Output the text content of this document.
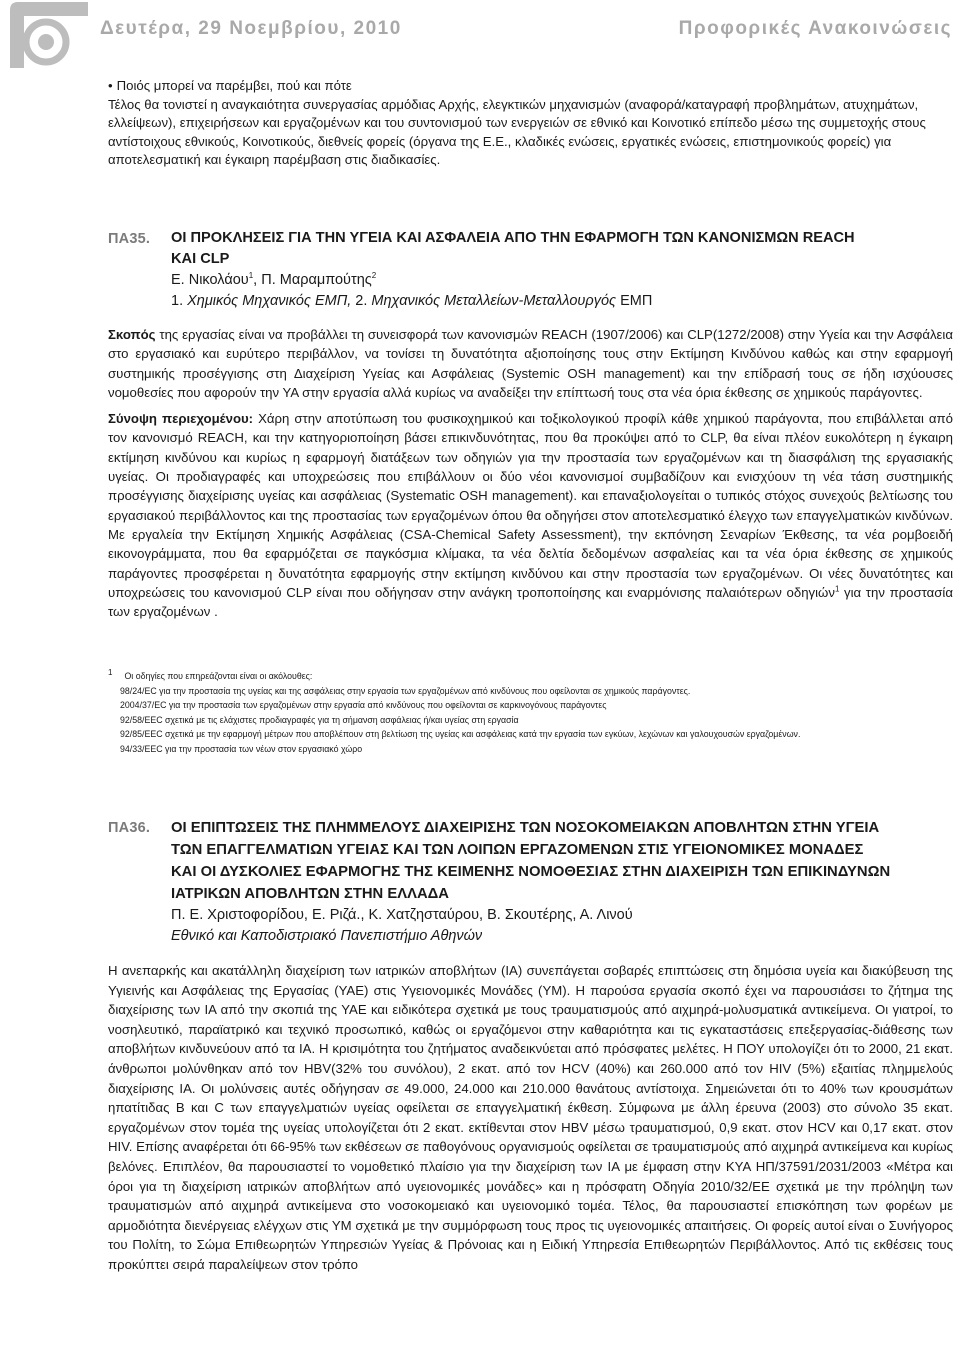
Δευτέρα, 29 Νοεμβρίου, 2010	Προφορικές Ανακοινώσεις

• Ποιός μπορεί να παρέμβει, πού και πότε

Τέλος θα τονιστεί η αναγκαιότητα συνεργασίας αρμόδιας Αρχής, ελεγκτικών μηχανισμών (αναφορά/καταγραφή προβλημάτων, ατυχημάτων, ελλείψεων), επιχειρήσεων και εργαζομένων και του συντονισμού των ενεργειών σε εθνικό και Κοινοτικό επίπεδο μέσω της συμμετοχής στους αντίστοιχους εθνικούς, Κοινοτικούς, διεθνείς φορείς (όργανα της Ε.Ε., κλαδικές ενώσεις, εργατικές ενώσεις, επιστημονικούς φορείς) για αποτελεσματική και έγκαιρη παρέμβαση στις διαδικασίες.

ΠΑ35. ΟΙ ΠΡΟΚΛΗΣΕΙΣ ΓΙΑ ΤΗΝ ΥΓΕΙΑ ΚΑΙ ΑΣΦΑΛΕΙΑ ΑΠΟ ΤΗΝ ΕΦΑΡΜΟΓΗ ΤΩΝ ΚΑΝΟΝΙΣΜΩΝ REACH

ΚΑΙ CLP

Ε. Νικολάου$^1$, Π. Μαραμπούτης$^2$

1. Χημικός Μηχανικός ΕΜΠ, 2. Μηχανικός Μεταλλείων-Μεταλλουργός ΕΜΠ

Σκοπός της εργασίας είναι να προβάλλει τη συνεισφορά των κανονισμών REACH (1907/2006) και CLP(1272/2008) στην Υγεία και την Ασφάλεια στο εργασιακό και ευρύτερο περιβάλλον, να τονίσει τη δυνατότητα αξιοποίησης τους στην Εκτίμηση Κινδύνου καθώς και στην εφαρμογή συστημικής προσέγγισης στη Διαχείριση Υγείας και Ασφάλειας (Systemic OSH management) και την επίδρασή τους σε ήδη ισχύουσες νομοθεσίες που αφορούν την ΥΑ στην εργασία αλλά κυρίως να αναδείξει την επίπτωσή τους στα νέα όρια έκθεσης σε χημικούς παράγοντες.

Σύνοψη περιεχομένου: Χάρη στην αποτύπωση του φυσικοχημικού και τοξικολογικού προφίλ κάθε χημικού παράγοντα, που επιβάλλεται από τον κανονισμό REACH, και την κατηγοριοποίηση βάσει επικινδυνότητας, που θα προκύψει από το CLP, θα είναι πλέον ευκολότερη η έγκαιρη εκτίμηση κινδύνου και κυρίως η εφαρμογή διατάξεων των οδηγιών για την προστασία των εργαζομένων και τη διασφάλιση της εργασιακής υγείας. Οι προδιαγραφές και υποχρεώσεις που επιβάλλουν οι δύο νέοι κανονισμοί συμβαδίζουν και ενισχύουν τη νέα τάση συστημικής προσέγγισης διαχείρισης υγείας και ασφάλειας (Systematic OSH management). και επαναξιολογείται ο τυπικός στόχος συνεχούς βελτίωσης του εργασιακού περιβάλλοντος και της προστασίας των εργαζομένων όπου θα οδηγήσει στον αποτελεσματικό έλεγχο των επαγγελματικών κινδύνων. Με εργαλεία την Εκτίμηση Χημικής Ασφάλειας (CSA-Chemical Safety Assessment), την εκπόνηση Σεναρίων Έκθεσης, τα νέα ρομβοειδή εικονογράμματα, που θα εφαρμόζεται σε παγκόσμια κλίμακα, τα νέα δελτία δεδομένων ασφαλείας και τα νέα όρια έκθεσης σε χημικούς παράγοντες προσφέρεται η δυνατότητα εφαρμογής στην εκτίμηση κινδύνου και στην προστασία των εργαζομένων. Οι νέες δυνατότητες και υποχρεώσεις του κανονισμού CLP είναι που οδήγησαν στην ανάγκη τροποποίησης και εναρμόνισης παλαιότερων οδηγιών$^1$ για την προστασία των εργαζομένων .

$^1$ Οι οδηγίες που επηρεάζονται είναι οι ακόλουθες:

98/24/EC για την προστασία της υγείας και της ασφάλειας στην εργασία των εργαζομένων από κινδύνους που οφείλονται σε χημικούς παράγοντες.
2004/37/EC για την προστασία των εργαζομένων στην εργασία από κινδύνους που οφείλονται σε καρκινογόνους παράγοντες
92/58/EEC σχετικά με τις ελάχιστες προδιαγραφές για τη σήμανση ασφάλειας ή/και υγείας στη εργασία
92/85/EEC σχετικά με την εφαρμογή μέτρων που αποβλέπουν στη βελτίωση της υγείας και ασφάλειας κατά την εργασία των εγκύων, λεχώνων και γαλουχουσών εργαζομένων.
94/33/EEC για την προστασία των νέων στον εργασιακό χώρο
ΠΑ36. ΟΙ ΕΠΙΠΤΩΣΕΙΣ ΤΗΣ ΠΛΗΜΜΕΛΟΥΣ ΔΙΑΧΕΙΡΙΣΗΣ ΤΩΝ ΝΟΣΟΚΟΜΕΙΑΚΩΝ ΑΠΟΒΛΗΤΩΝ ΣΤΗΝ ΥΓΕΙΑ

ΤΩΝ ΕΠΑΓΓΕΛΜΑΤΙΩΝ ΥΓΕΙΑΣ ΚΑΙ ΤΩΝ ΛΟΙΠΩΝ ΕΡΓΑΖΟΜΕΝΩΝ ΣΤΙΣ ΥΓΕΙΟΝΟΜΙΚΕΣ ΜΟΝΑΔΕΣ

ΚΑΙ ΟΙ ΔΥΣΚΟΛΙΕΣ ΕΦΑΡΜΟΓΗΣ ΤΗΣ ΚΕΙΜΕΝΗΣ ΝΟΜΟΘΕΣΙΑΣ ΣΤΗΝ ΔΙΑΧΕΙΡΙΣΗ ΤΩΝ ΕΠΙΚΙΝΔΥΝΩΝ

ΙΑΤΡΙΚΩΝ ΑΠΟΒΛΗΤΩΝ ΣΤΗΝ ΕΛΛΑΔΑ

Π. Ε. Χριστοφορίδου, Ε. Ριζά., Κ. Χατζησταύρου, Β. Σκουτέρης, Α. Λινού

Εθνικό και Καποδιστριακό Πανεπιστήμιο Αθηνών

Η ανεπαρκής και ακατάλληλη διαχείριση των ιατρικών αποβλήτων (ΙΑ) συνεπάγεται σοβαρές επιπτώσεις στη δημόσια υγεία και διακύβευση της Υγιεινής και Ασφάλειας της Εργασίας (ΥΑΕ) στις Υγειονομικές Μονάδες (ΥΜ). Η παρούσα εργασία σκοπό έχει να παρουσιάσει το ζήτημα της διαχείρισης των ΙΑ από την σκοπιά της ΥΑΕ και ειδικότερα σχετικά με τους τραυματισμούς από αιχμηρά-μολυσματικά αντικείμενα. Οι γιατροί, το νοσηλευτικό, παραϊατρικό και τεχνικό προσωπικό, καθώς οι εργαζόμενοι στην καθαριότητα και τις εγκαταστάσεις επεξεργασίας-διάθεσης των αποβλήτων κινδυνεύουν από τα ΙΑ. Η κρισιμότητα του ζητήματος αναδεικνύεται από πρόσφατες μελέτες. Η ΠΟΥ υπολογίζει ότι το 2000, 21 εκατ. άνθρωποι μολύνθηκαν από τον HBV(32% του συνόλου), 2 εκατ. από τον HCV (40%) και 260.000 από τον HIV (5%) εξαιτίας πλημμελούς διαχείρισης ΙΑ. Οι μολύνσεις αυτές οδήγησαν σε 49.000, 24.000 και 210.000 θανάτους αντίστοιχα. Σημειώνεται ότι το 40% των κρουσμάτων ηπατίτιδας Β και C των επαγγελματιών υγείας οφείλεται σε επαγγελματική έκθεση. Σύμφωνα με άλλη έρευνα (2003) στο σύνολο 35 εκατ. εργαζομένων στον τομέα της υγείας υπολογίζεται ότι 2 εκατ. εκτίθενται στον HBV μέσω τραυματισμού, 0,9 εκατ. στον HCV και 0,17 εκατ. στον HIV. Επίσης αναφέρεται ότι 66-95% των εκθέσεων σε παθογόνους οργανισμούς οφείλεται σε τραυματισμούς από αιχμηρά αντικείμενα και κυρίως βελόνες. Επιπλέον, θα παρουσιαστεί το νομοθετικό πλαίσιο για την διαχείριση των ΙΑ με έμφαση στην ΚΥΑ ΗΠ/37591/2031/2003 «Μέτρα και όροι για τη διαχείριση ιατρικών αποβλήτων από υγειονομικές μονάδες» και η πρόσφατη Οδηγία 2010/32/ΕΕ σχετικά με την πρόληψη των τραυματισμών από αιχμηρά αντικείμενα στο νοσοκομειακό και υγειονομικό τομέα. Τέλος, θα παρουσιαστεί επισκόπηση των φορέων με αρμοδιότητα διενέργειας ελέγχων στις ΥΜ σχετικά με την συμμόρφωση τους προς τις υγειονομικές απαιτήσεις. Οι φορείς αυτοί είναι ο Συνήγορος του Πολίτη, το Σώμα Επιθεωρητών Υπηρεσιών Υγείας & Πρόνοιας και η Ειδική Υπηρεσία Επιθεωρητών Περιβάλλοντος. Από τις εκθέσεις τους προκύπτει σειρά παραλείψεων στον τρόπο
